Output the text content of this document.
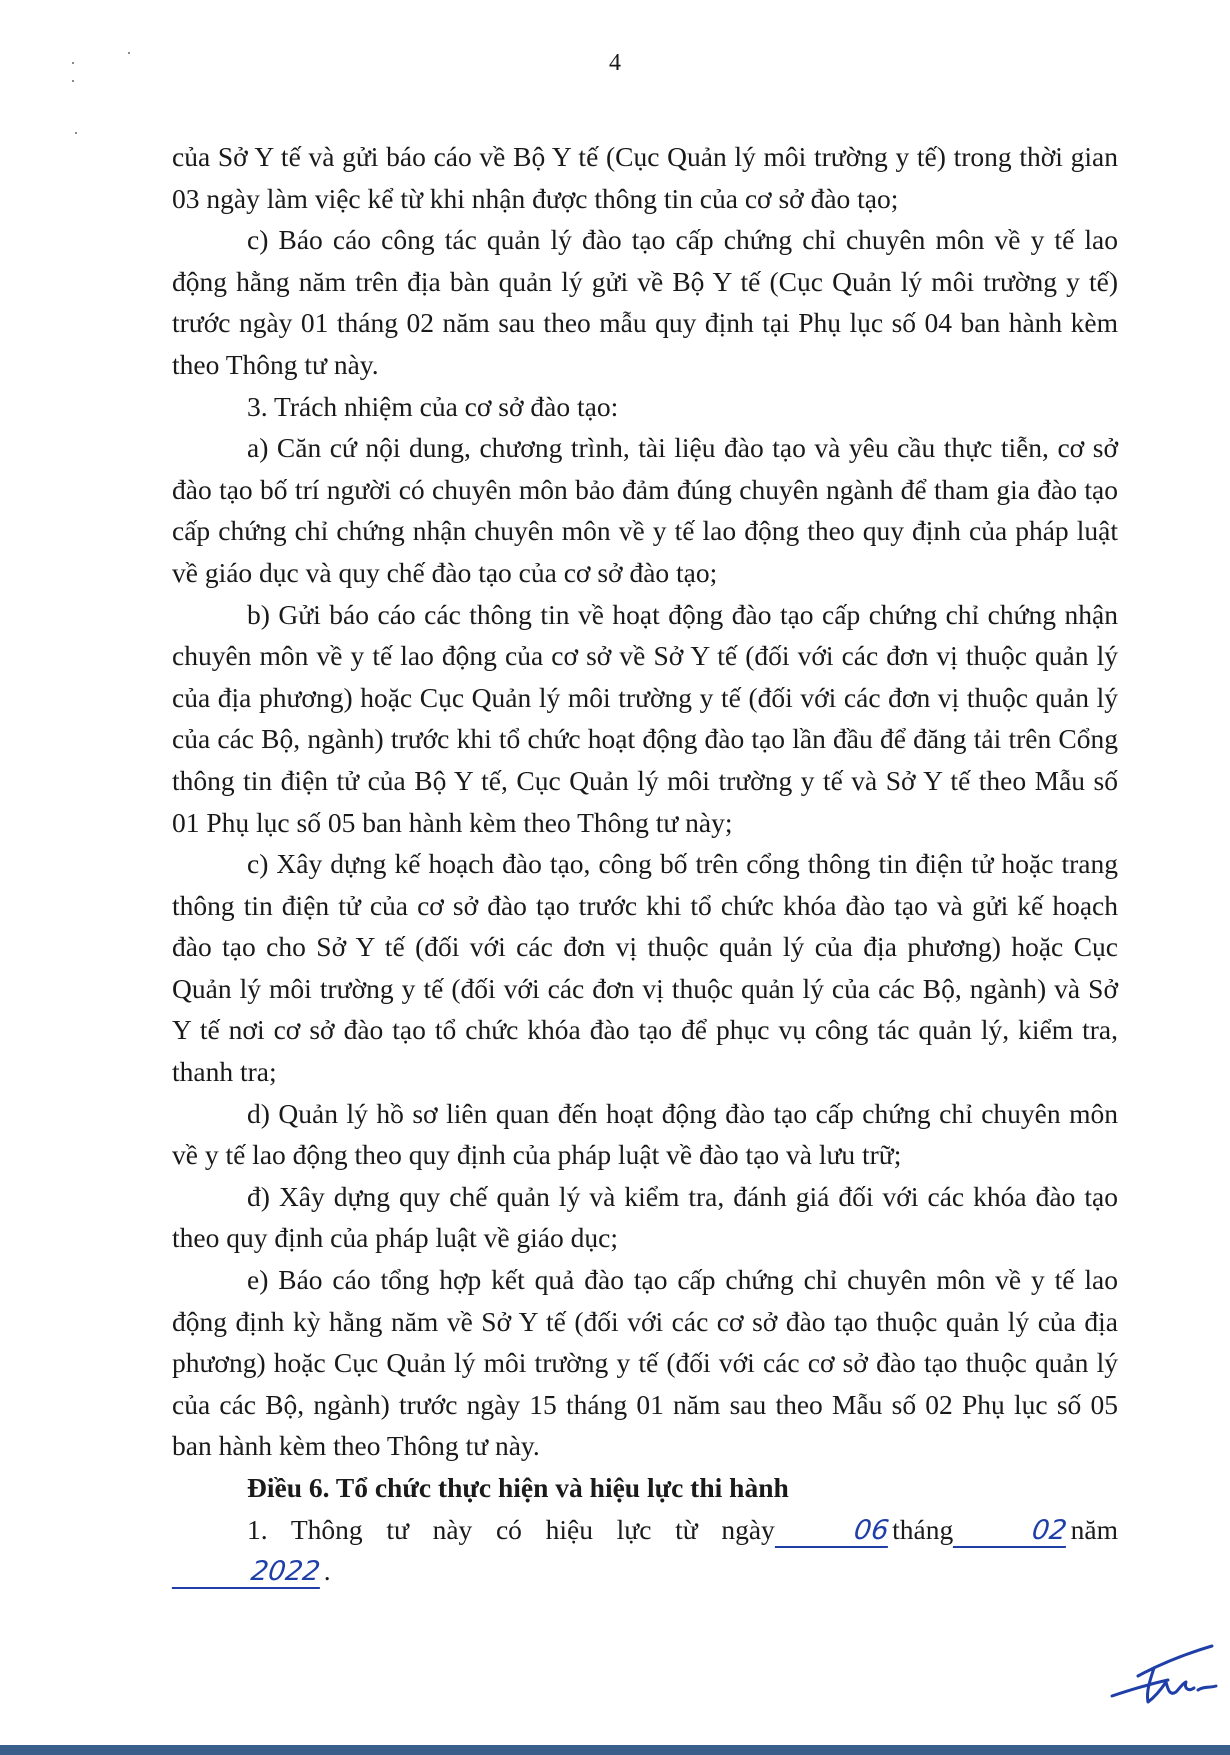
4

của Sở Y tế và gửi báo cáo về Bộ Y tế (Cục Quản lý môi trường y tế) trong thời gian 03 ngày làm việc kể từ khi nhận được thông tin của cơ sở đào tạo;

c) Báo cáo công tác quản lý đào tạo cấp chứng chỉ chuyên môn về y tế lao động hằng năm trên địa bàn quản lý gửi về Bộ Y tế (Cục Quản lý môi trường y tế) trước ngày 01 tháng 02 năm sau theo mẫu quy định tại Phụ lục số 04 ban hành kèm theo Thông tư này.

3. Trách nhiệm của cơ sở đào tạo:

a) Căn cứ nội dung, chương trình, tài liệu đào tạo và yêu cầu thực tiễn, cơ sở đào tạo bố trí người có chuyên môn bảo đảm đúng chuyên ngành để tham gia đào tạo cấp chứng chỉ chứng nhận chuyên môn về y tế lao động theo quy định của pháp luật về giáo dục và quy chế đào tạo của cơ sở đào tạo;

b) Gửi báo cáo các thông tin về hoạt động đào tạo cấp chứng chỉ chứng nhận chuyên môn về y tế lao động của cơ sở về Sở Y tế (đối với các đơn vị thuộc quản lý của địa phương) hoặc Cục Quản lý môi trường y tế (đối với các đơn vị thuộc quản lý của các Bộ, ngành) trước khi tổ chức hoạt động đào tạo lần đầu để đăng tải trên Cổng thông tin điện tử của Bộ Y tế, Cục Quản lý môi trường y tế và Sở Y tế theo Mẫu số 01 Phụ lục số 05 ban hành kèm theo Thông tư này;

c) Xây dựng kế hoạch đào tạo, công bố trên cổng thông tin điện tử hoặc trang thông tin điện tử của cơ sở đào tạo trước khi tổ chức khóa đào tạo và gửi kế hoạch đào tạo cho Sở Y tế (đối với các đơn vị thuộc quản lý của địa phương) hoặc Cục Quản lý môi trường y tế (đối với các đơn vị thuộc quản lý của các Bộ, ngành) và Sở Y tế nơi cơ sở đào tạo tổ chức khóa đào tạo để phục vụ công tác quản lý, kiểm tra, thanh tra;

d) Quản lý hồ sơ liên quan đến hoạt động đào tạo cấp chứng chỉ chuyên môn về y tế lao động theo quy định của pháp luật về đào tạo và lưu trữ;

đ) Xây dựng quy chế quản lý và kiểm tra, đánh giá đối với các khóa đào tạo theo quy định của pháp luật về giáo dục;

e) Báo cáo tổng hợp kết quả đào tạo cấp chứng chỉ chuyên môn về y tế lao động định kỳ hằng năm về Sở Y tế (đối với các cơ sở đào tạo thuộc quản lý của địa phương) hoặc Cục Quản lý môi trường y tế (đối với các cơ sở đào tạo thuộc quản lý của các Bộ, ngành) trước ngày 15 tháng 01 năm sau theo Mẫu số 02 Phụ lục số 05 ban hành kèm theo Thông tư này.

Điều 6. Tổ chức thực hiện và hiệu lực thi hành

1. Thông tư này có hiệu lực từ ngày	06tháng	02năm2022.
